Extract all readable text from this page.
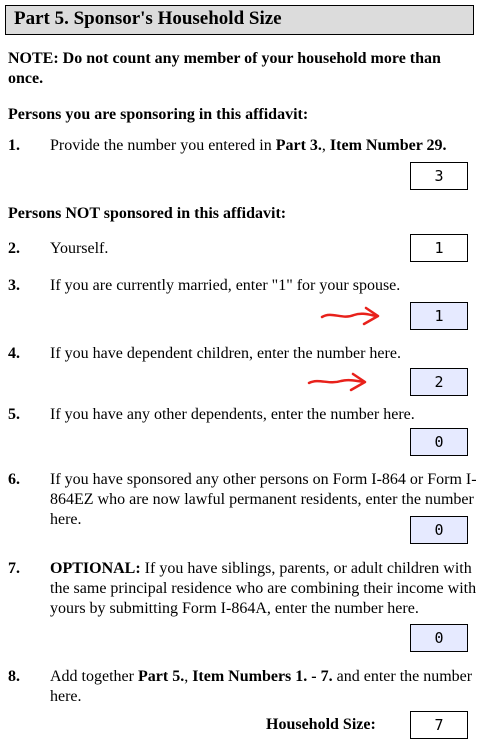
Part 5. Sponsor's Household Size
NOTE: Do not count any member of your household more than once.
Persons you are sponsoring in this affidavit:
1. Provide the number you entered in Part 3., Item Number 29.
3
Persons NOT sponsored in this affidavit:
2. Yourself.	1
3. If you are currently married, enter "1" for your spouse.
1
4. If you have dependent children, enter the number here.
2
5. If you have any other dependents, enter the number here.
0
6. If you have sponsored any other persons on Form I-864 or Form I-864EZ who are now lawful permanent residents, enter the number here.
0
7. OPTIONAL: If you have siblings, parents, or adult children with the same principal residence who are combining their income with yours by submitting Form I-864A, enter the number here.
0
8. Add together Part 5., Item Numbers 1. - 7. and enter the number here.
Household Size:	7
